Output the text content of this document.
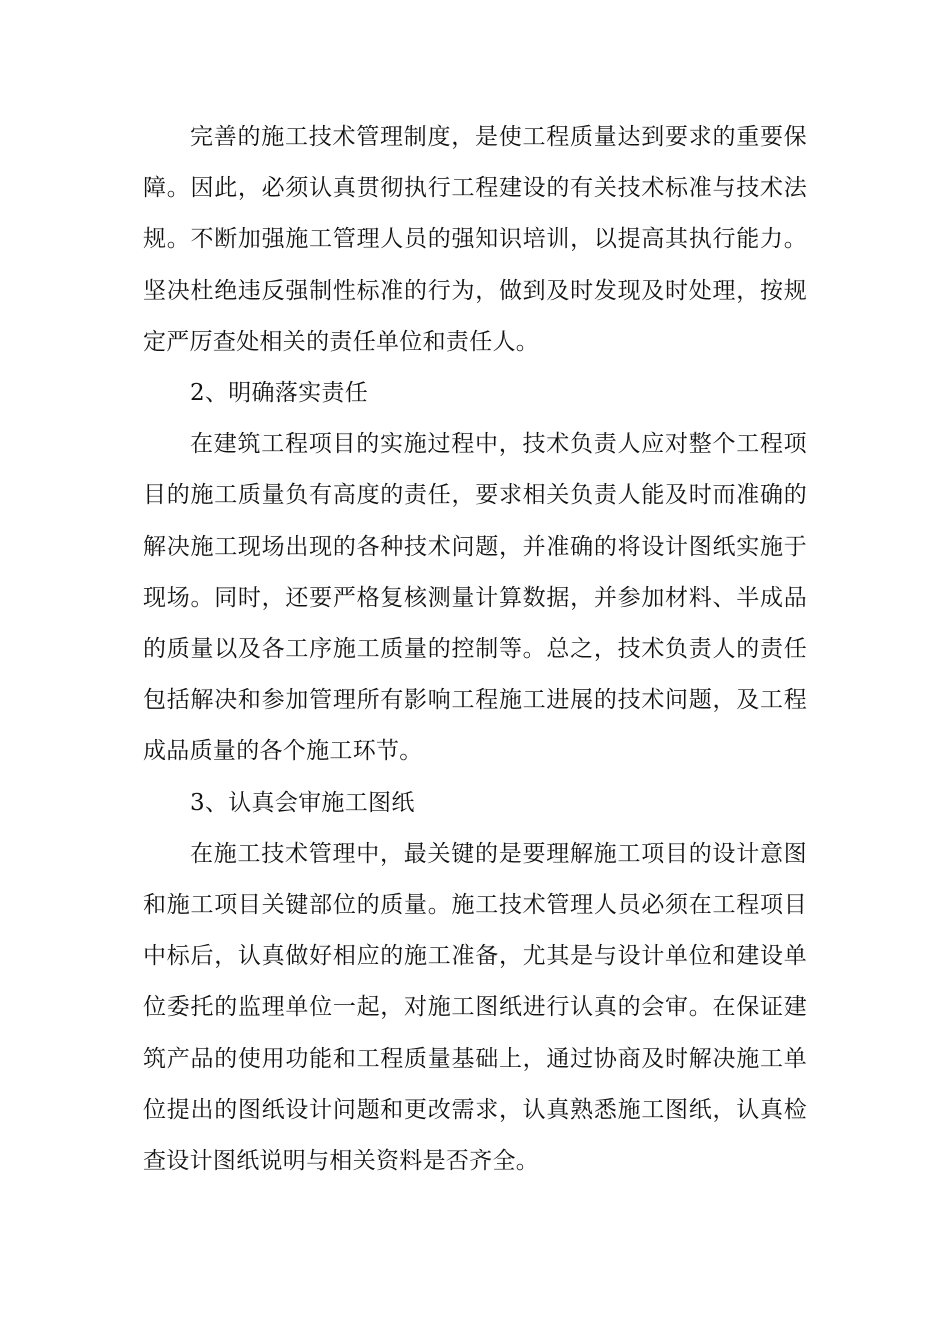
完善的施工技术管理制度，是使工程质量达到要求的重要保障。因此，必须认真贯彻执行工程建设的有关技术标准与技术法规。不断加强施工管理人员的强知识培训，以提高其执行能力。坚决杜绝违反强制性标准的行为，做到及时发现及时处理，按规定严厉查处相关的责任单位和责任人。

2、明确落实责任

在建筑工程项目的实施过程中，技术负责人应对整个工程项目的施工质量负有高度的责任，要求相关负责人能及时而准确的解决施工现场出现的各种技术问题，并准确的将设计图纸实施于现场。同时，还要严格复核测量计算数据，并参加材料、半成品的质量以及各工序施工质量的控制等。总之，技术负责人的责任包括解决和参加管理所有影响工程施工进展的技术问题，及工程成品质量的各个施工环节。

3、认真会审施工图纸

在施工技术管理中，最关键的是要理解施工项目的设计意图和施工项目关键部位的质量。施工技术管理人员必须在工程项目中标后，认真做好相应的施工准备，尤其是与设计单位和建设单位委托的监理单位一起，对施工图纸进行认真的会审。在保证建筑产品的使用功能和工程质量基础上，通过协商及时解决施工单位提出的图纸设计问题和更改需求，认真熟悉施工图纸，认真检查设计图纸说明与相关资料是否齐全。
